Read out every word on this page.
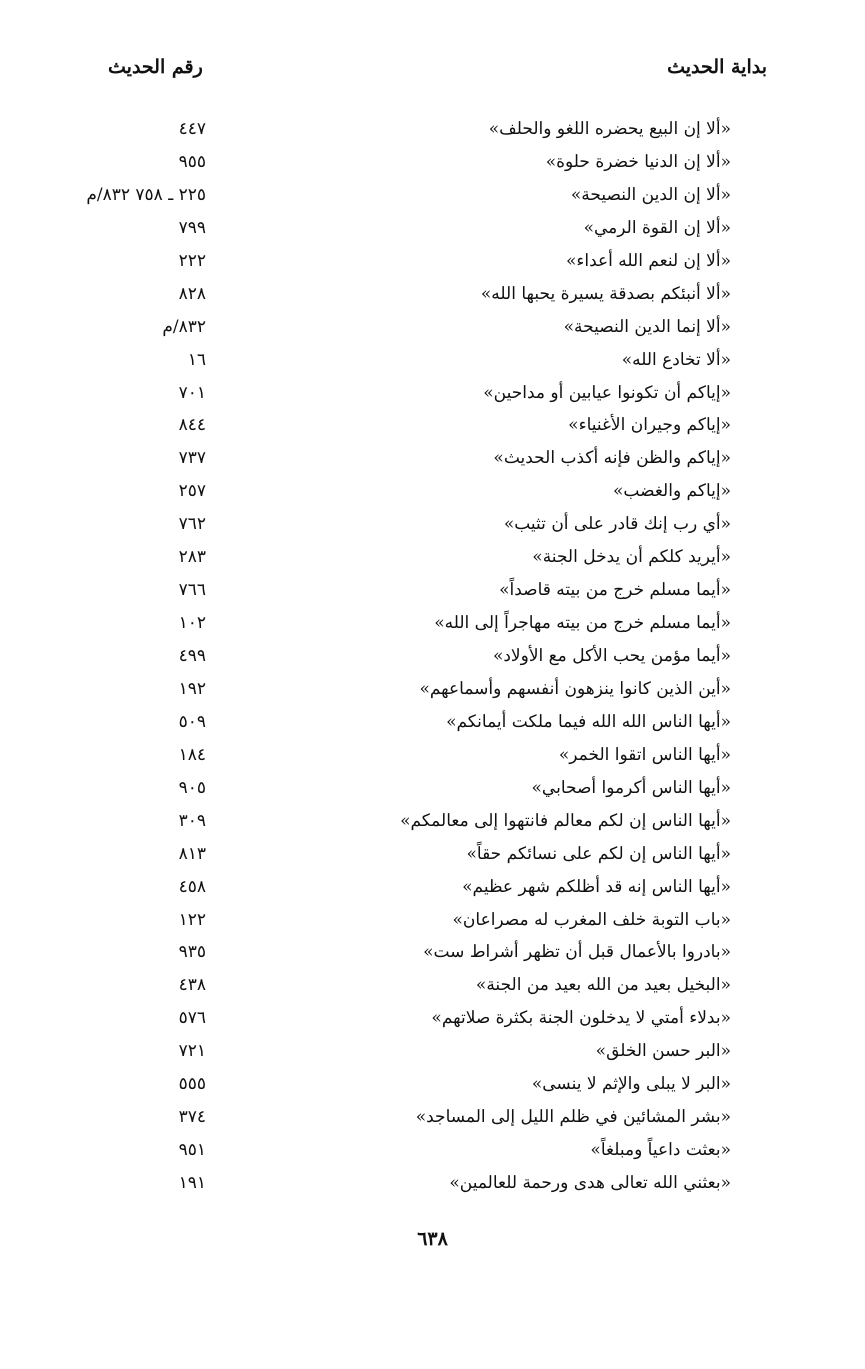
بداية الحديث
رقم الحديث
«ألا إن البيع يحضره اللغو والحلف»
٤٤٧
«ألا إن الدنيا خضرة حلوة»
٩٥٥
«ألا إن الدين النصيحة»
٢٢٥ ـ ٧٥٨ ٨٣٢/م
«ألا إن القوة الرمي»
٧٩٩
«ألا إن لنعم الله أعداء»
٢٢٢
«ألا أنبئكم بصدقة يسيرة يحبها الله»
٨٢٨
«ألا إنما الدين النصيحة»
٨٣٢/م
«ألا تخادع الله»
١٦
«إياكم أن تكونوا عيابين أو مداحين»
٧٠١
«إياكم وجيران الأغنياء»
٨٤٤
«إياكم والظن فإنه أكذب الحديث»
٧٣٧
«إياكم والغضب»
٢٥٧
«أي رب إنك قادر على أن تثيب»
٧٦٢
«أيريد كلكم أن يدخل الجنة»
٢٨٣
«أيما مسلم خرج من بيته قاصداً»
٧٦٦
«أيما مسلم خرج من بيته مهاجراً إلى الله»
١٠٢
«أيما مؤمن يحب الأكل مع الأولاد»
٤٩٩
«أين الذين كانوا ينزهون أنفسهم وأسماعهم»
١٩٢
«أيها الناس الله الله فيما ملكت أيمانكم»
٥٠٩
«أيها الناس اتقوا الخمر»
١٨٤
«أيها الناس أكرموا أصحابي»
٩٠٥
«أيها الناس إن لكم معالم فانتهوا إلى معالمكم»
٣٠٩
«أيها الناس إن لكم على نسائكم حقاً»
٨١٣
«أيها الناس إنه قد أظلكم شهر عظيم»
٤٥٨
«باب التوبة خلف المغرب له مصراعان»
١٢٢
«بادروا بالأعمال قبل أن تظهر أشراط ست»
٩٣٥
«البخيل بعيد من الله بعيد من الجنة»
٤٣٨
«بدلاء أمتي لا يدخلون الجنة بكثرة صلاتهم»
٥٧٦
«البر حسن الخلق»
٧٢١
«البر لا يبلى والإثم لا ينسى»
٥٥٥
«بشر المشائين في ظلم الليل إلى المساجد»
٣٧٤
«بعثت داعياً ومبلغاً»
٩٥١
«بعثني الله تعالى هدى ورحمة للعالمين»
١٩١
٦٣٨
